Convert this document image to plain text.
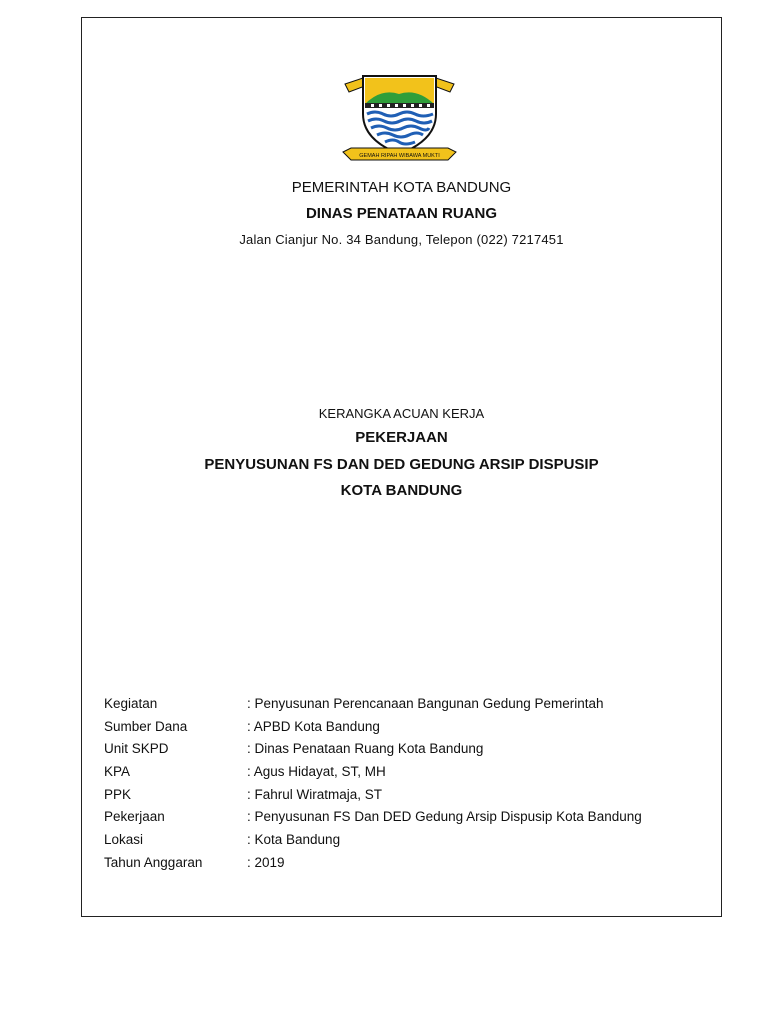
GEMAH RIPAH WIBAWA MUKTI
PEMERINTAH KOTA BANDUNG
DINAS PENATAAN RUANG
Jalan Cianjur No. 34 Bandung, Telepon (022) 7217451
KERANGKA ACUAN KERJA
PEKERJAAN
PENYUSUNAN FS DAN DED GEDUNG ARSIP DISPUSIP
KOTA BANDUNG
Kegiatan	: Penyusunan Perencanaan Bangunan Gedung Pemerintah
Sumber Dana	: APBD Kota Bandung
Unit SKPD	: Dinas Penataan Ruang Kota Bandung
KPA	: Agus Hidayat, ST, MH
PPK	: Fahrul Wiratmaja, ST
Pekerjaan	: Penyusunan FS Dan DED Gedung Arsip Dispusip Kota Bandung
Lokasi	: Kota Bandung
Tahun Anggaran	: 2019
